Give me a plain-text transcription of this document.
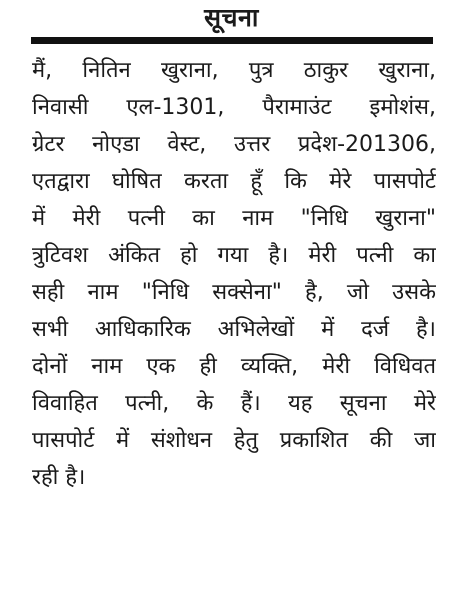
सूचना
मैं, नितिन खुराना, पुत्र ठाकुर खुराना,
निवासी एल-1301, पैरामाउंट इमोशंस,
ग्रेटर नोएडा वेस्ट, उत्तर प्रदेश-201306,
एतद्वारा घोषित करता हूँ कि मेरे पासपोर्ट
में मेरी पत्नी का नाम "निधि खुराना"
त्रुटिवश अंकित हो गया है। मेरी पत्नी का
सही नाम "निधि सक्सेना" है, जो उसके
सभी आधिकारिक अभिलेखों में दर्ज है।
दोनों नाम एक ही व्यक्ति, मेरी विधिवत
विवाहित पत्नी, के हैं। यह सूचना मेरे
पासपोर्ट में संशोधन हेतु प्रकाशित की जा
रही है।
